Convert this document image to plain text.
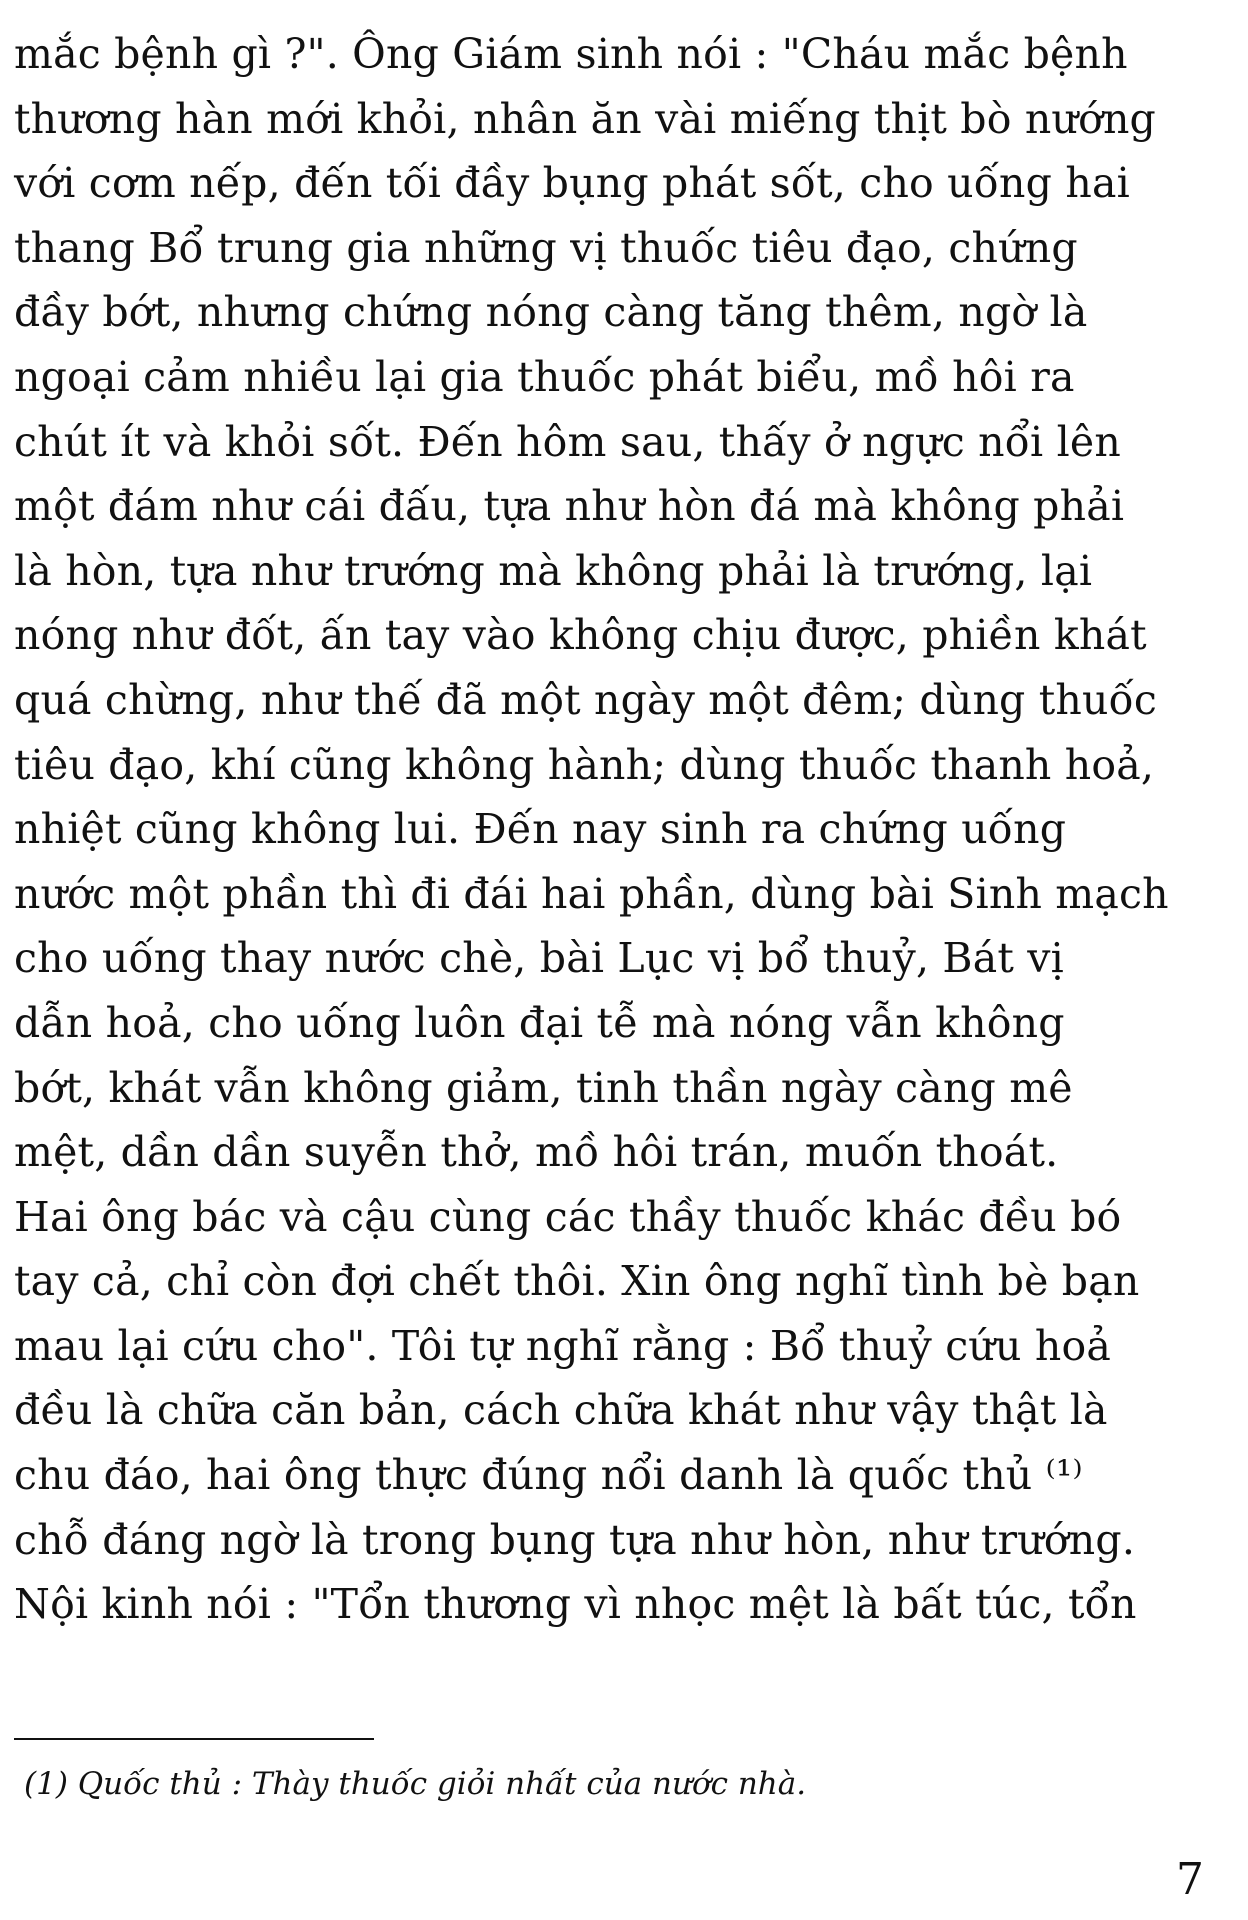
mắc bệnh gì ?". Ông Giám sinh nói : "Cháu mắc bệnh
thương hàn mới khỏi, nhân ăn vài miếng thịt bò nướng
với cơm nếp, đến tối đầy bụng phát sốt, cho uống hai
thang Bổ trung gia những vị thuốc tiêu đạo, chứng
đầy bớt, nhưng chứng nóng càng tăng thêm, ngờ là
ngoại cảm nhiều lại gia thuốc phát biểu, mồ hôi ra
chút ít và khỏi sốt. Đến hôm sau, thấy ở ngực nổi lên
một đám như cái đấu, tựa như hòn đá mà không phải
là hòn, tựa như trướng mà không phải là trướng, lại
nóng như đốt, ấn tay vào không chịu được, phiền khát
quá chừng, như thế đã một ngày một đêm; dùng thuốc
tiêu đạo, khí cũng không hành; dùng thuốc thanh hoả,
nhiệt cũng không lui. Đến nay sinh ra chứng uống
nước một phần thì đi đái hai phần, dùng bài Sinh mạch
cho uống thay nước chè, bài Lục vị bổ thuỷ, Bát vị
dẫn hoả, cho uống luôn đại tễ mà nóng vẫn không
bớt, khát vẫn không giảm, tinh thần ngày càng mê
mệt, dần dần suyễn thở, mồ hôi trán, muốn thoát.
Hai ông bác và cậu cùng các thầy thuốc khác đều bó
tay cả, chỉ còn đợi chết thôi. Xin ông nghĩ tình bè bạn
mau lại cứu cho". Tôi tự nghĩ rằng : Bổ thuỷ cứu hoả
đều là chữa căn bản, cách chữa khát như vậy thật là
chu đáo, hai ông thực đúng nổi danh là quốc thủ ⁽¹⁾
chỗ đáng ngờ là trong bụng tựa như hòn, như trướng.
Nội kinh nói : "Tổn thương vì nhọc mệt là bất túc, tổn
(1) Quốc thủ : Thày thuốc giỏi nhất của nước nhà.
7
